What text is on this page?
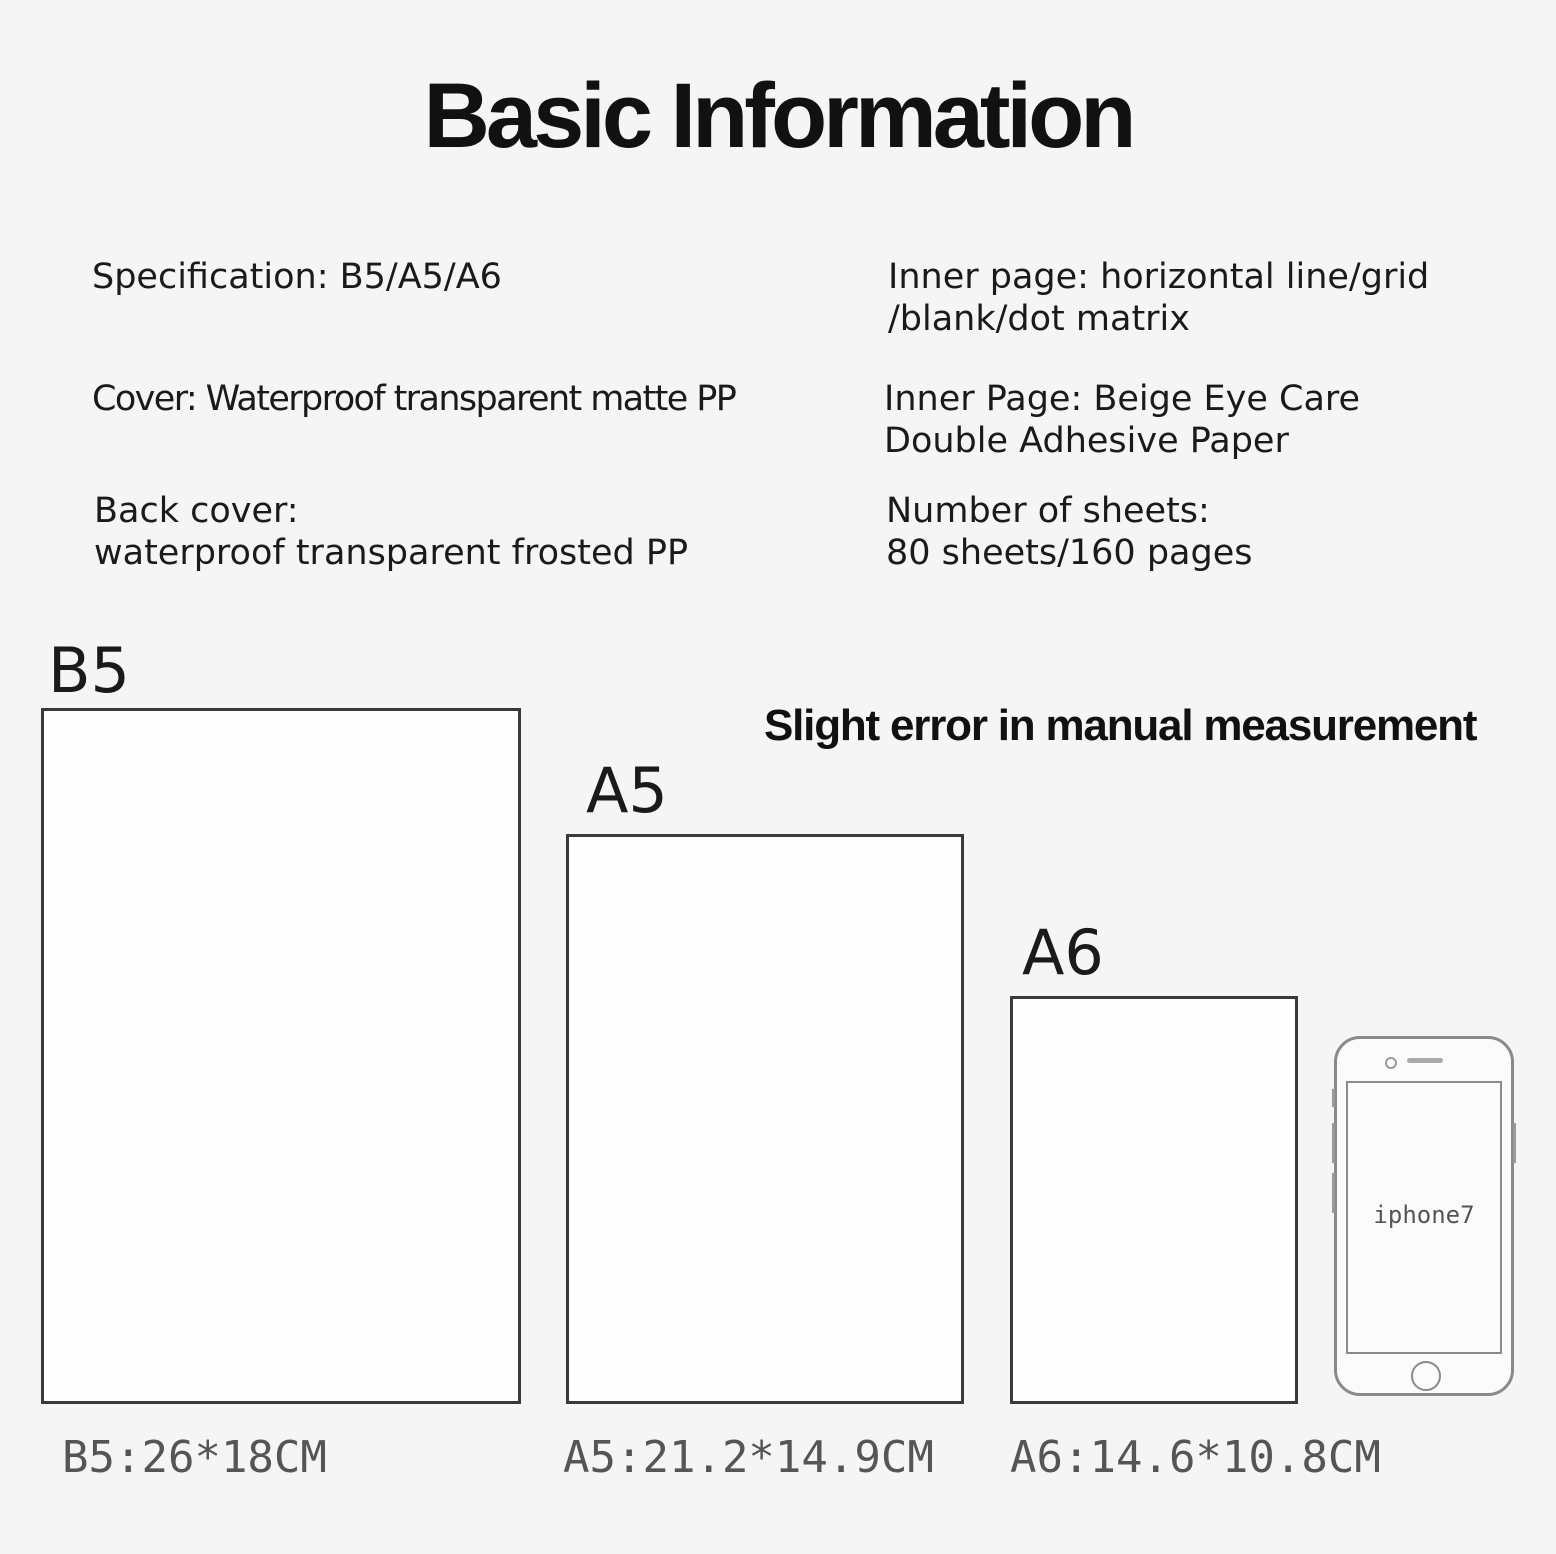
Basic Information
Specification: B5/A5/A6
Cover: Waterproof transparent matte PP
Back cover:
waterproof transparent frosted PP
Inner page: horizontal line/grid
/blank/dot matrix
Inner Page: Beige Eye Care
Double Adhesive Paper
Number of sheets:
80 sheets/160 pages
B5
B5:26*18CM
Slight error in manual measurement
A5
A5:21.2*14.9CM
A6
A6:14.6*10.8CM
iphone7
